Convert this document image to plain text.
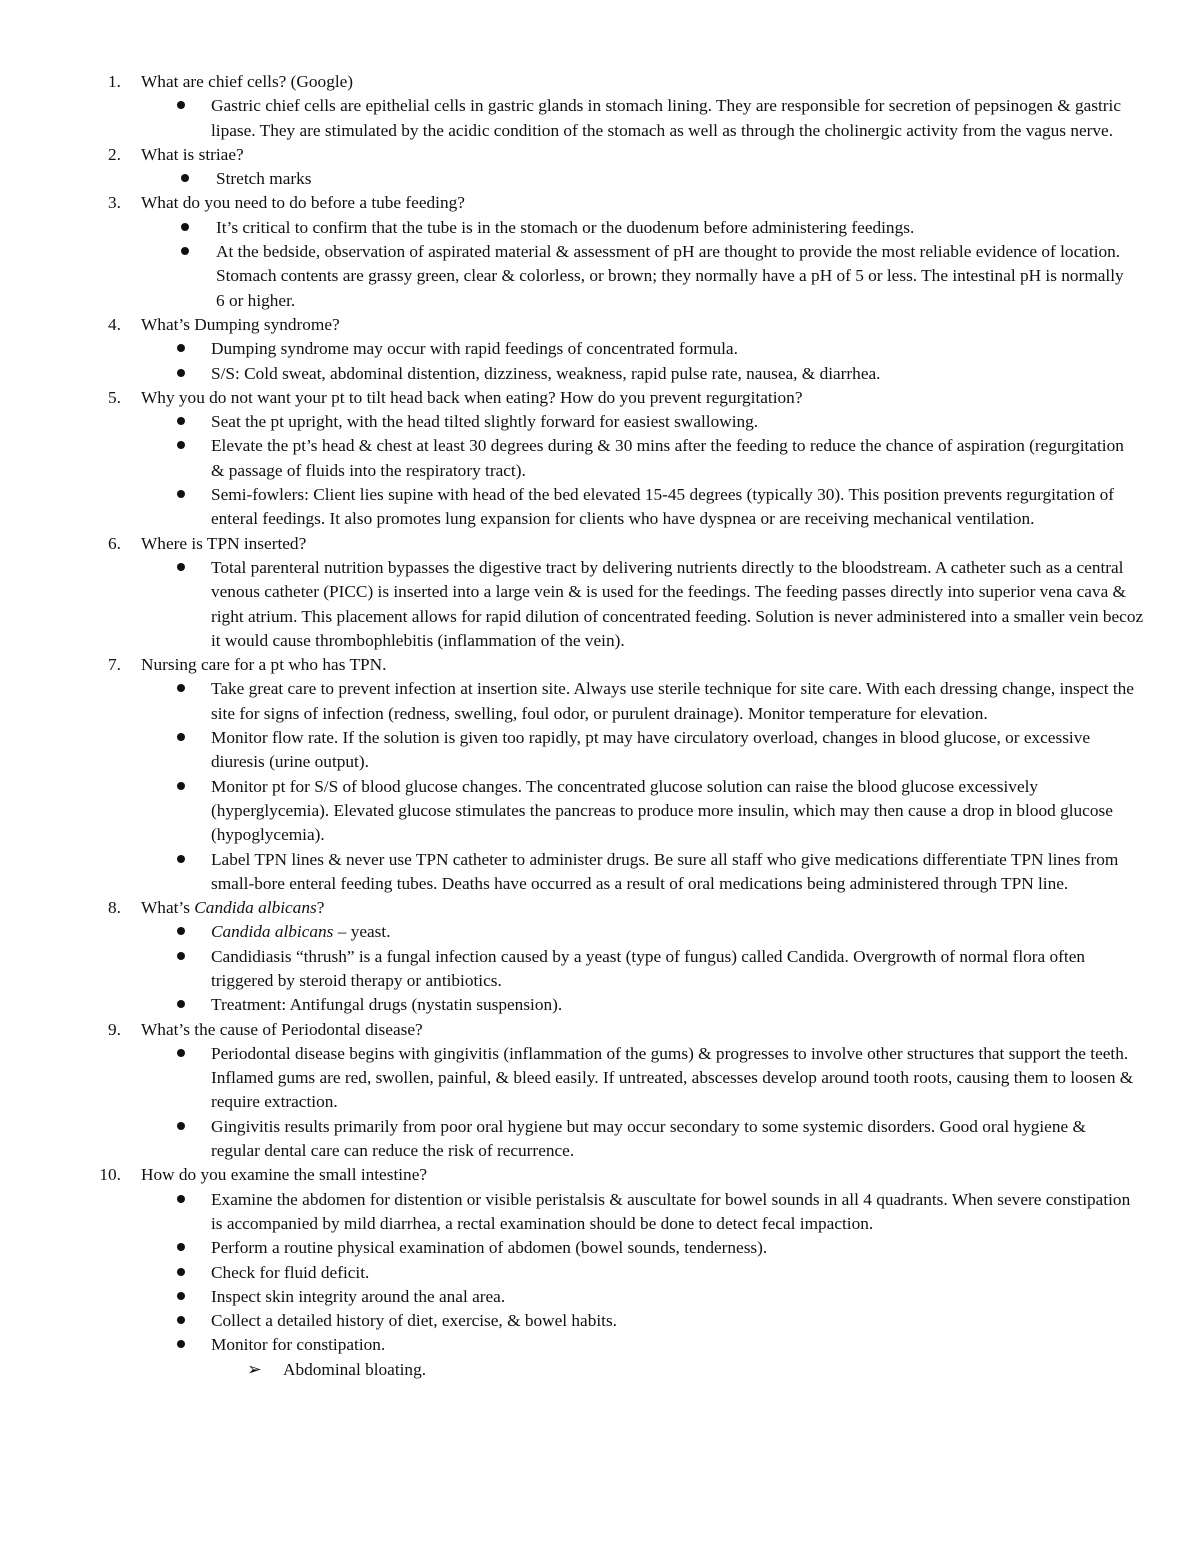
1. What are chief cells? (Google)
Gastric chief cells are epithelial cells in gastric glands in stomach lining. They are responsible for secretion of pepsinogen & gastric lipase. They are stimulated by the acidic condition of the stomach as well as through the cholinergic activity from the vagus nerve.
2. What is striae?
Stretch marks
3. What do you need to do before a tube feeding?
It’s critical to confirm that the tube is in the stomach or the duodenum before administering feedings.
At the bedside, observation of aspirated material & assessment of pH are thought to provide the most reliable evidence of location. Stomach contents are grassy green, clear & colorless, or brown; they normally have a pH of 5 or less. The intestinal pH is normally 6 or higher.
4. What’s Dumping syndrome?
Dumping syndrome may occur with rapid feedings of concentrated formula.
S/S: Cold sweat, abdominal distention, dizziness, weakness, rapid pulse rate, nausea, & diarrhea.
5. Why you do not want your pt to tilt head back when eating? How do you prevent regurgitation?
Seat the pt upright, with the head tilted slightly forward for easiest swallowing.
Elevate the pt’s head & chest at least 30 degrees during & 30 mins after the feeding to reduce the chance of aspiration (regurgitation & passage of fluids into the respiratory tract).
Semi-fowlers: Client lies supine with head of the bed elevated 15-45 degrees (typically 30). This position prevents regurgitation of enteral feedings. It also promotes lung expansion for clients who have dyspnea or are receiving mechanical ventilation.
6. Where is TPN inserted?
Total parenteral nutrition bypasses the digestive tract by delivering nutrients directly to the bloodstream. A catheter such as a central venous catheter (PICC) is inserted into a large vein & is used for the feedings. The feeding passes directly into superior vena cava & right atrium. This placement allows for rapid dilution of concentrated feeding. Solution is never administered into a smaller vein becoz it would cause thrombophlebitis (inflammation of the vein).
7. Nursing care for a pt who has TPN.
Take great care to prevent infection at insertion site. Always use sterile technique for site care. With each dressing change, inspect the site for signs of infection (redness, swelling, foul odor, or purulent drainage). Monitor temperature for elevation.
Monitor flow rate. If the solution is given too rapidly, pt may have circulatory overload, changes in blood glucose, or excessive diuresis (urine output).
Monitor pt for S/S of blood glucose changes. The concentrated glucose solution can raise the blood glucose excessively (hyperglycemia). Elevated glucose stimulates the pancreas to produce more insulin, which may then cause a drop in blood glucose (hypoglycemia).
Label TPN lines & never use TPN catheter to administer drugs. Be sure all staff who give medications differentiate TPN lines from small-bore enteral feeding tubes. Deaths have occurred as a result of oral medications being administered through TPN line.
8. What’s Candida albicans?
Candida albicans – yeast.
Candidiasis “thrush” is a fungal infection caused by a yeast (type of fungus) called Candida. Overgrowth of normal flora often triggered by steroid therapy or antibiotics.
Treatment: Antifungal drugs (nystatin suspension).
9. What’s the cause of Periodontal disease?
Periodontal disease begins with gingivitis (inflammation of the gums) & progresses to involve other structures that support the teeth. Inflamed gums are red, swollen, painful, & bleed easily. If untreated, abscesses develop around tooth roots, causing them to loosen & require extraction.
Gingivitis results primarily from poor oral hygiene but may occur secondary to some systemic disorders. Good oral hygiene & regular dental care can reduce the risk of recurrence.
10. How do you examine the small intestine?
Examine the abdomen for distention or visible peristalsis & auscultate for bowel sounds in all 4 quadrants. When severe constipation is accompanied by mild diarrhea, a rectal examination should be done to detect fecal impaction.
Perform a routine physical examination of abdomen (bowel sounds, tenderness).
Check for fluid deficit.
Inspect skin integrity around the anal area.
Collect a detailed history of diet, exercise, & bowel habits.
Monitor for constipation.
➢ Abdominal bloating.
